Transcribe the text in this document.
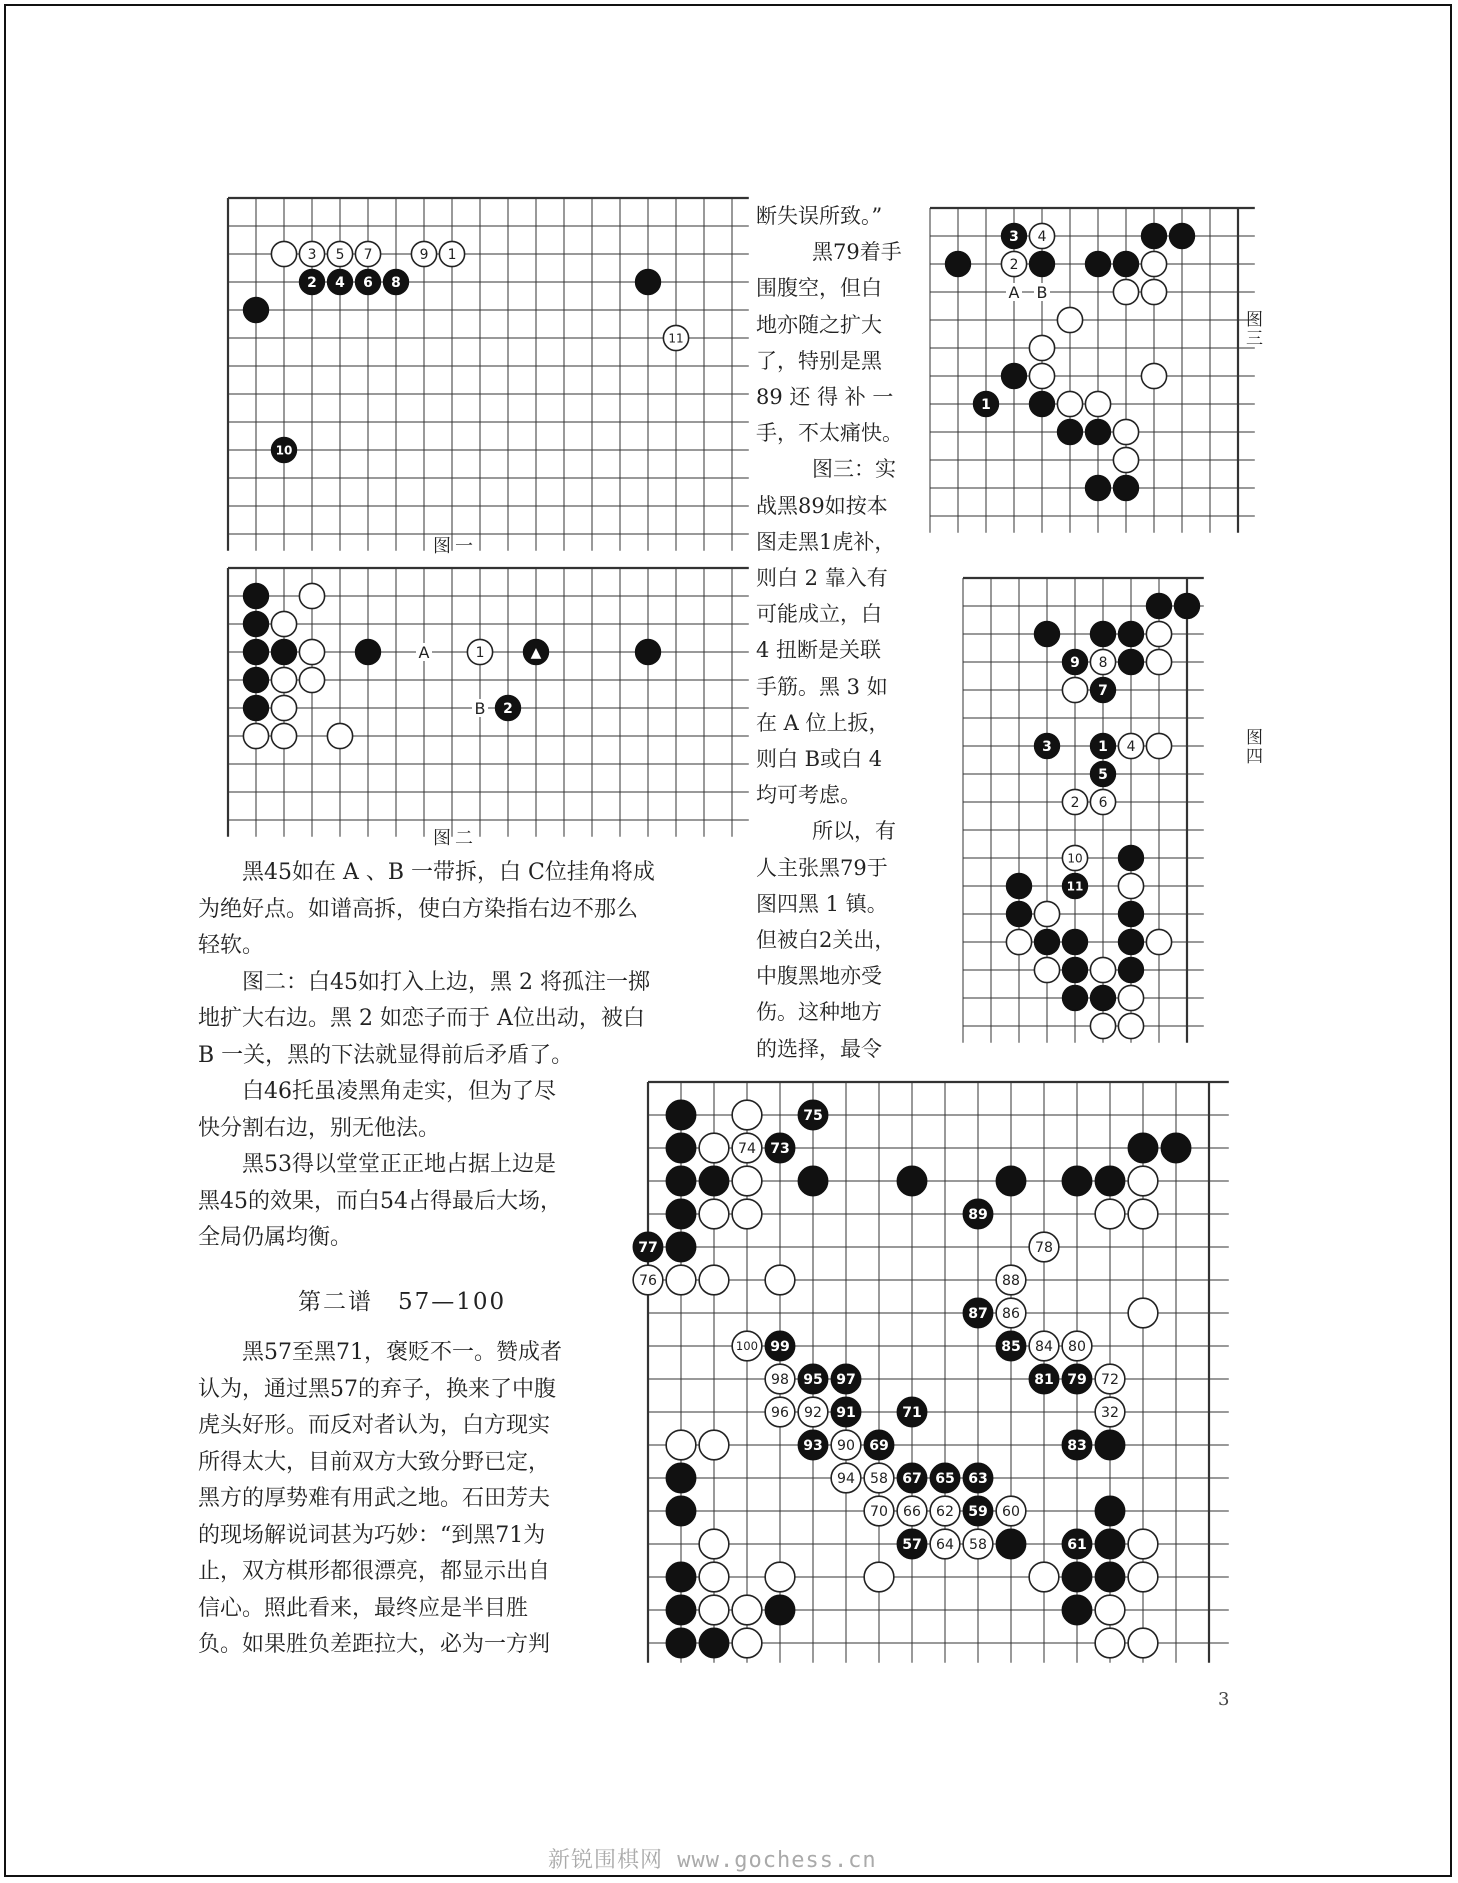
3 5 7	9 1
2 4 6 8
11
10
图一
A
B
1	▲
2
图二
A B
3 4
2
1
图三
9 8
7
3	1 4
5
2 6
10
11
图四
75
74 73
89
77	78
76	88
87 86
100 99	85 84 80
98 95 97	81 79 72
96 92 91	71	32
93 90 69	83
94 58 67 65 63
70 66 62 59 60
57 64 58	61

断失误所致。”

黑79着手

围腹空，但白

地亦随之扩大

了，特别是黑

89 还 得 补 一

手，不太痛快。

图三：实

战黑89如按本

图走黑1虎补，

则白 2 靠入有

可能成立，白

4 扭断是关联

手筋。黑 3 如

在 A 位上扳，

则白 B或白 4

均可考虑。

所以，有

人主张黑79于

图四黑 1 镇。

但被白2关出，

中腹黑地亦受

伤。这种地方

的选择，最令

黑45如在 A 、B 一带拆，白 C位挂角将成

为绝好点。如谱高拆，使白方染指右边不那么

轻软。

图二：白45如打入上边，黑 2 将孤注一掷

地扩大右边。黑 2 如恋子而于 A位出动，被白

B 一关，黑的下法就显得前后矛盾了。

白46托虽凌黑角走实，但为了尽

快分割右边，别无他法。

黑53得以堂堂正正地占据上边是

黑45的效果，而白54占得最后大场，

全局仍属均衡。

第二谱　57—100

黑57至黑71，褒贬不一。赞成者

认为，通过黑57的弃子，换来了中腹

虎头好形。而反对者认为，白方现实

所得太大，目前双方大致分野已定，

黑方的厚势难有用武之地。石田芳夫

的现场解说词甚为巧妙：“到黑71为

止，双方棋形都很漂亮，都显示出自

信心。照此看来，最终应是半目胜

负。如果胜负差距拉大，必为一方判

3
新锐围棋网 www.gochess.cn
